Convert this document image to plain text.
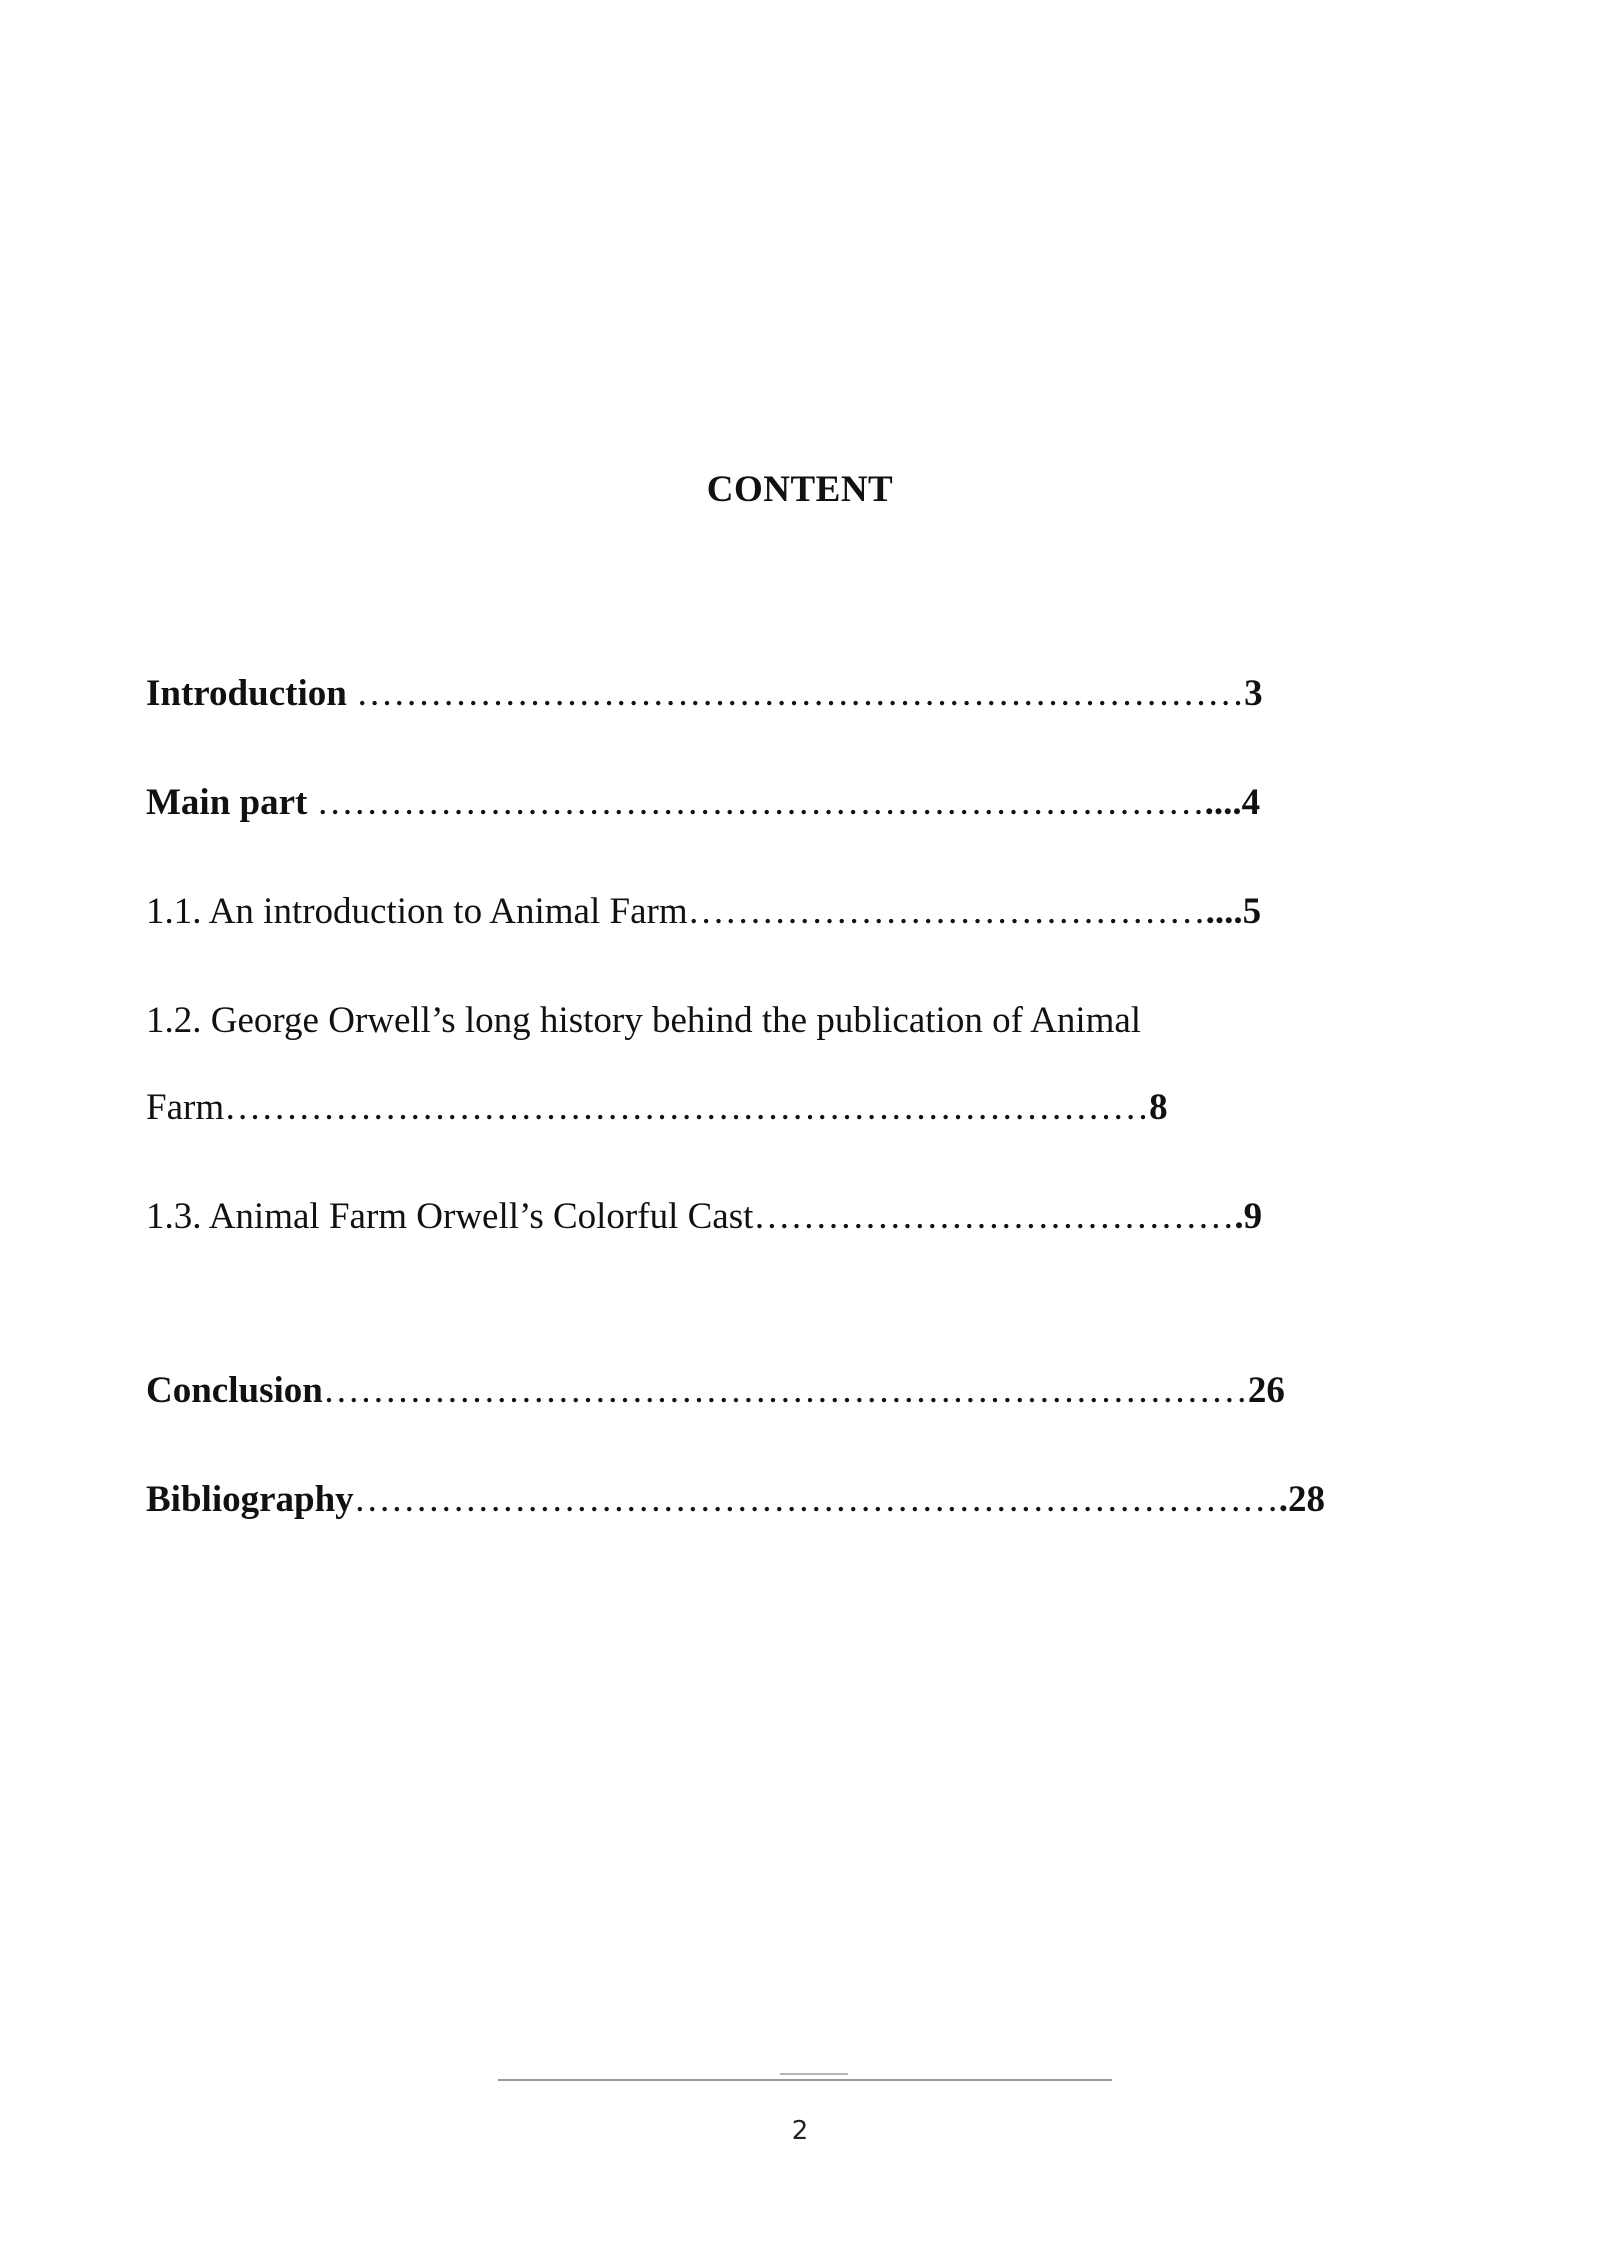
CONTENT
Introduction ………………………………………………………………3
Main part ………………………………………………………………....4
1.1. An introduction to Animal Farm……………………………………....5
1.2. George Orwell’s long history behind the publication of Animal
Farm…………………………………………………………………8
1.3. Animal Farm Orwell’s Colorful Cast………………………………….9
Conclusion…………………………………………………………………26
Bibliography………………………………………………………………….28
2
